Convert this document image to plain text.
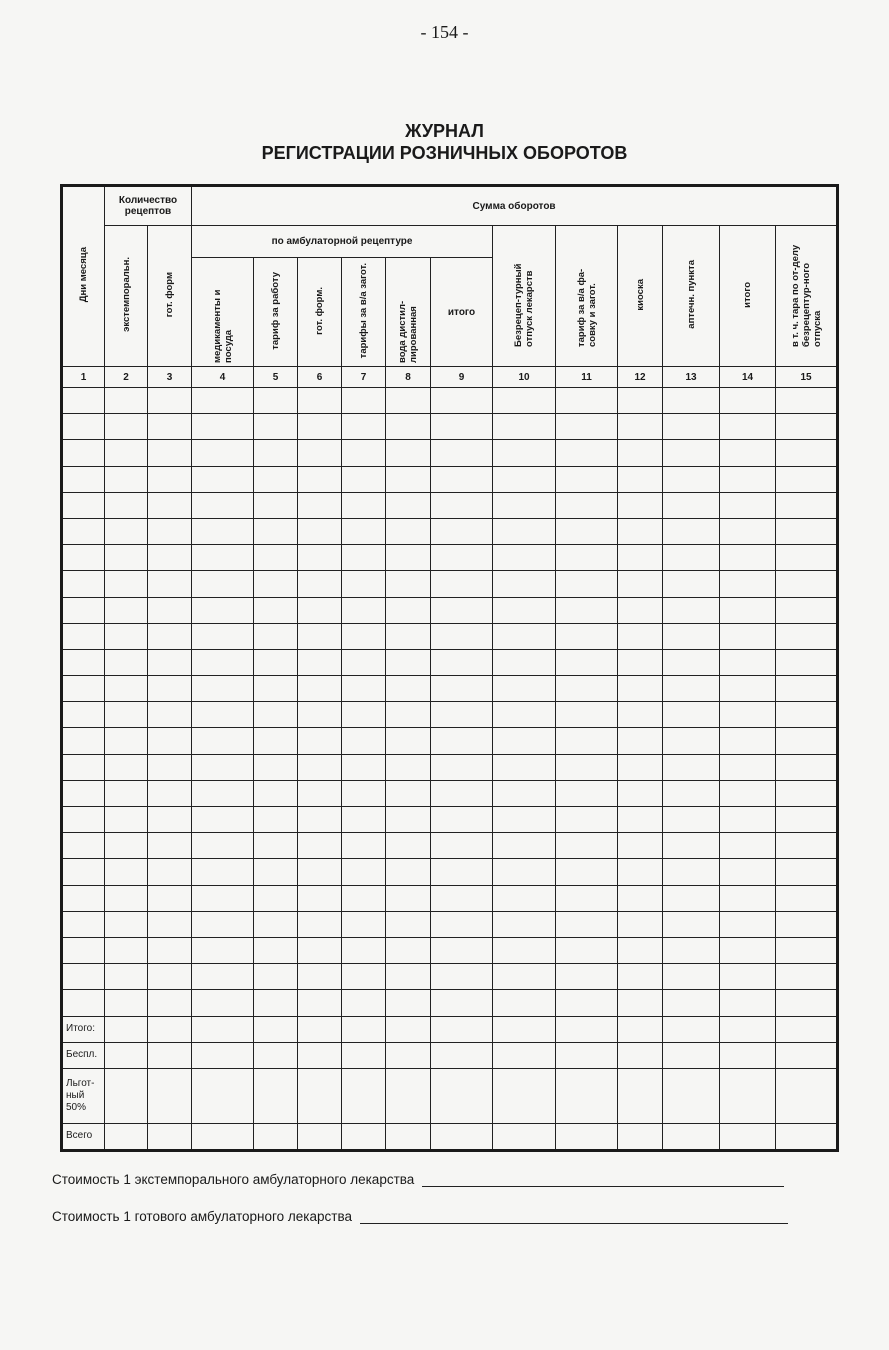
- 154 -
ЖУРНАЛ
РЕГИСТРАЦИИ РОЗНИЧНЫХ ОБОРОТОВ
Дни месяца	Количество рецептов		Сумма оборотов											
	экстемпоральн.	гот. форм	по амбулаторной рецептуре						Безрецеп-турный отпуск лекарств	тариф за в/а фа-совку и загот.	киоска	аптечн. пункта	итого	в т. ч. тара по от-делу безрецептур-ного отпуска
			медикаменты и посуда	тариф за работу	гот. форм.	тарифы за в/а загот.	вода дистил-лированная	итого						
1	2	3	4	5	6	7	8	9	10	11	12	13	14	15

Итого:														
Беспл.														
Льгот-ный 50%														
Всего														
Стоимость 1 экстемпорального амбулаторного лекарства
Стоимость 1 готового амбулаторного лекарства
